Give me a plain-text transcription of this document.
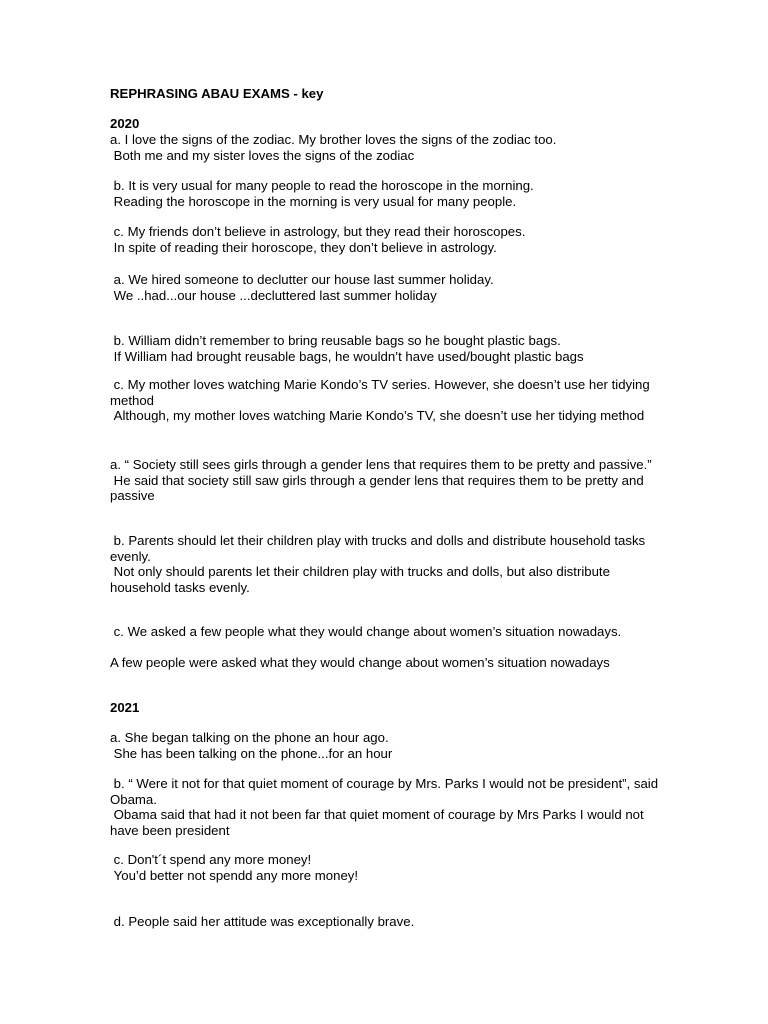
REPHRASING ABAU EXAMS - key

2020

a. I love the signs of the zodiac. My brother loves the signs of the zodiac too.

Both me and my sister loves the signs of the zodiac

b. It is very usual for many people to read the horoscope in the morning.

Reading the horoscope in the morning is very usual for many people.

c. My friends don’t believe in astrology, but they read their horoscopes.

In spite of reading their horoscope, they don’t believe in astrology.

a. We hired someone to declutter our house last summer holiday.

We ..had...our house ...decluttered last summer holiday

b. William didn’t remember to bring reusable bags so he bought plastic bags.

If William had brought reusable bags, he wouldn’t have used/bought plastic bags

c. My mother loves watching Marie Kondo’s TV series. However, she doesn’t use her tidying method

Although, my mother loves watching Marie Kondo’s TV, she doesn’t use her tidying method

a. “ Society still sees girls through a gender lens that requires them to be pretty and passive.”

He said that society still saw girls through a gender lens that requires them to be pretty and passive

b. Parents should let their children play with trucks and dolls and distribute household tasks evenly.

Not only should parents let their children play with trucks and dolls, but also distribute household tasks evenly.

c. We asked a few people what they would change about women’s situation nowadays.

A few people were asked what they would change about women’s situation nowadays

2021

a. She began talking on the phone an hour ago.

She has been talking on the phone...for an hour

b. “ Were it not for that quiet moment of courage by Mrs. Parks I would not be president”, said Obama.

Obama said that had it not been far that quiet moment of courage by Mrs Parks I would not have been president

c. Don't´t spend any more money!

You’d better not spendd any more money!

d. People said her attitude was exceptionally brave.
